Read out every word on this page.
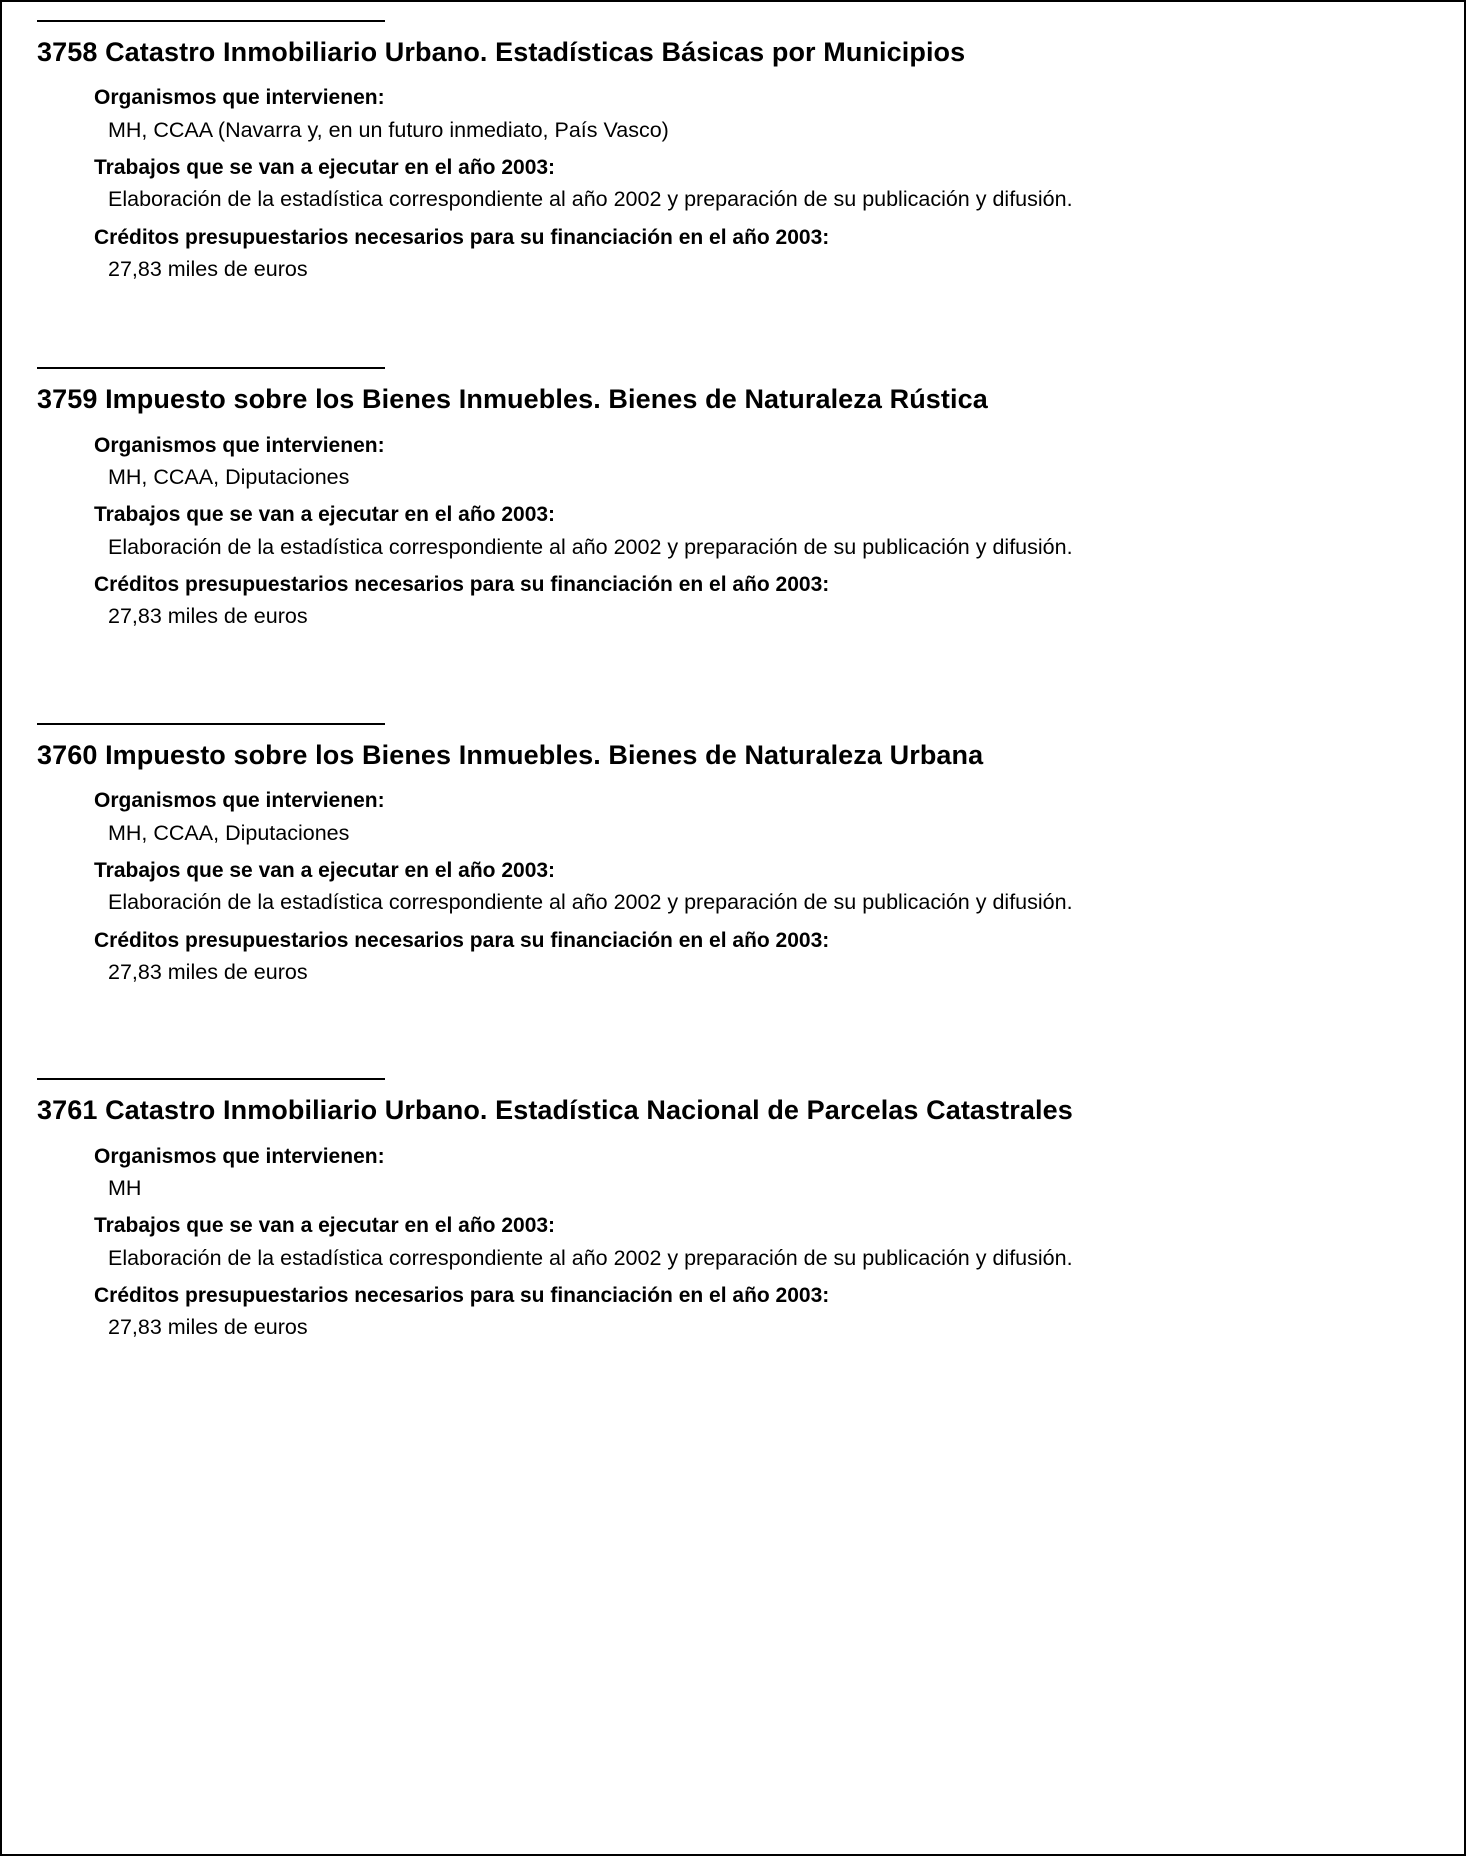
3758 Catastro Inmobiliario Urbano. Estadísticas Básicas por Municipios
Organismos que intervienen:
MH, CCAA (Navarra y, en un futuro inmediato, País Vasco)
Trabajos que se van a ejecutar en el año 2003:
Elaboración de la estadística correspondiente al año 2002 y preparación de su publicación y difusión.
Créditos presupuestarios necesarios para su financiación en el año 2003:
27,83 miles de euros
3759 Impuesto sobre los Bienes Inmuebles. Bienes de Naturaleza Rústica
Organismos que intervienen:
MH, CCAA, Diputaciones
Trabajos que se van a ejecutar en el año 2003:
Elaboración de la estadística correspondiente al año 2002 y preparación de su publicación y difusión.
Créditos presupuestarios necesarios para su financiación en el año 2003:
27,83 miles de euros
3760 Impuesto sobre los Bienes Inmuebles. Bienes de Naturaleza Urbana
Organismos que intervienen:
MH, CCAA, Diputaciones
Trabajos que se van a ejecutar en el año 2003:
Elaboración de la estadística correspondiente al año 2002 y preparación de su publicación y difusión.
Créditos presupuestarios necesarios para su financiación en el año 2003:
27,83 miles de euros
3761 Catastro Inmobiliario Urbano. Estadística Nacional de Parcelas Catastrales
Organismos que intervienen:
MH
Trabajos que se van a ejecutar en el año 2003:
Elaboración de la estadística correspondiente al año 2002 y preparación de su publicación y difusión.
Créditos presupuestarios necesarios para su financiación en el año 2003:
27,83 miles de euros
